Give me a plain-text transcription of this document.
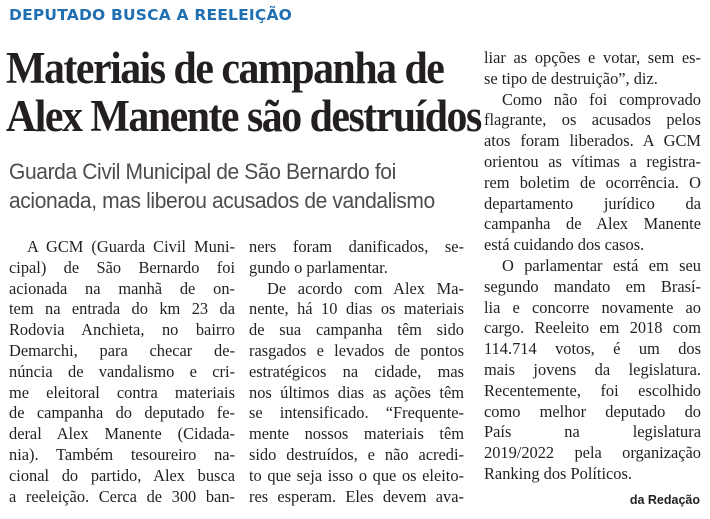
DEPUTADO BUSCA A REELEIÇÃO
Materiais de campanha de
Alex Manente são destruídos
Guarda Civil Municipal de São Bernardo foi
acionada, mas liberou acusados de vandalismo
A GCM (Guarda Civil Muni-
cipal) de São Bernardo foi
acionada na manhã de on-
tem na entrada do km 23 da
Rodovia Anchieta, no bairro
Demarchi, para checar de-
núncia de vandalismo e cri-
me eleitoral contra materiais
de campanha do deputado fe-
deral Alex Manente (Cidada-
nia). Também tesoureiro na-
cional do partido, Alex busca
a reeleição. Cerca de 300 ban-
ners foram danificados, se-
gundo o parlamentar.
De acordo com Alex Ma-
nente, há 10 dias os materiais
de sua campanha têm sido
rasgados e levados de pontos
estratégicos na cidade, mas
nos últimos dias as ações têm
se intensificado. “Frequente-
mente nossos materiais têm
sido destruídos, e não acredi-
to que seja isso o que os eleito-
res esperam. Eles devem ava-
liar as opções e votar, sem es-
se tipo de destruição”, diz.
Como não foi comprovado
flagrante, os acusados pelos
atos foram liberados. A GCM
orientou as vítimas a registra-
rem boletim de ocorrência. O
departamento jurídico da
campanha de Alex Manente
está cuidando dos casos.
O parlamentar está em seu
segundo mandato em Brasí-
lia e concorre novamente ao
cargo. Reeleito em 2018 com
114.714 votos, é um dos
mais jovens da legislatura.
Recentemente, foi escolhido
como melhor deputado do
País na legislatura
2019/2022 pela organização
Ranking dos Políticos.
da Redação
